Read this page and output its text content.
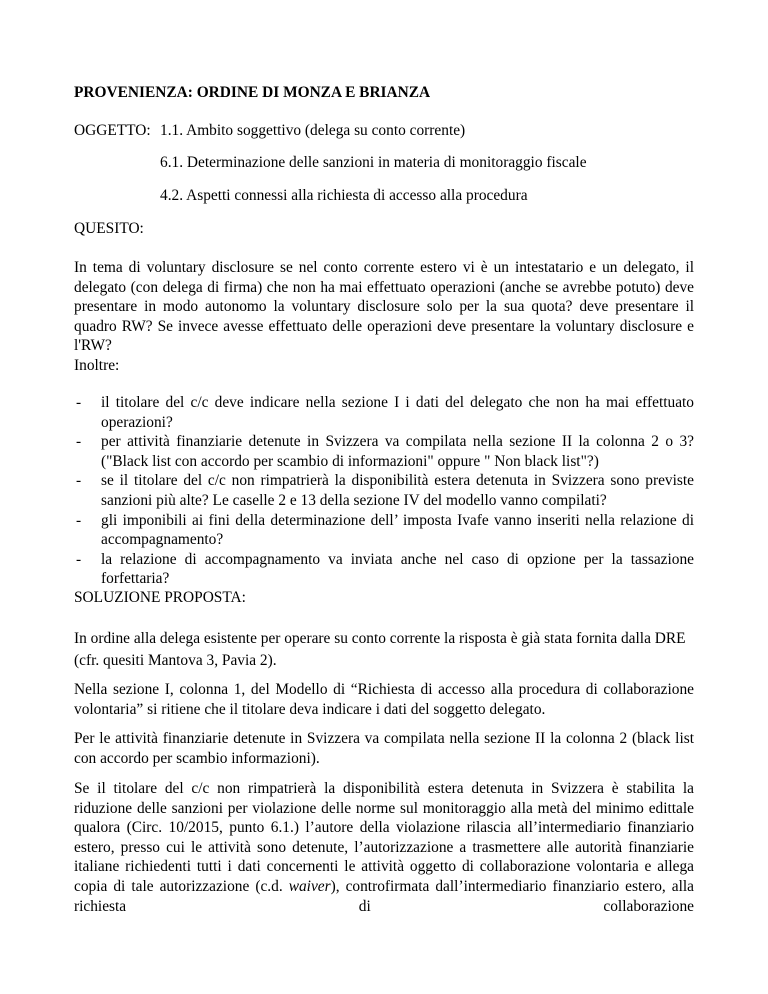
PROVENIENZA: ORDINE DI MONZA E BRIANZA
OGGETTO: 1.1. Ambito soggettivo (delega su conto corrente)
6.1. Determinazione delle sanzioni in materia di monitoraggio fiscale
4.2. Aspetti connessi alla richiesta di accesso alla procedura
QUESITO:
In tema di voluntary disclosure se nel conto corrente estero vi è un intestatario e un delegato, il delegato (con delega di firma) che non ha mai effettuato operazioni (anche se avrebbe potuto) deve presentare in modo autonomo la voluntary disclosure solo per la sua quota? deve presentare il quadro RW? Se invece avesse effettuato delle operazioni deve presentare la voluntary disclosure e l'RW?
Inoltre:
- il titolare del c/c deve indicare nella sezione I i dati del delegato che non ha mai effettuato operazioni?
- per attività finanziarie detenute in Svizzera va compilata nella sezione II la colonna 2 o 3? ("Black list con accordo per scambio di informazioni" oppure " Non black list"?)
- se il titolare del c/c non rimpatrierà la disponibilità estera detenuta in Svizzera sono previste sanzioni più alte? Le caselle 2 e 13 della sezione IV del modello vanno compilati?
- gli imponibili ai fini della determinazione dell’ imposta Ivafe vanno inseriti nella relazione di accompagnamento?
- la relazione di accompagnamento va inviata anche nel caso di opzione per la tassazione forfettaria?
SOLUZIONE PROPOSTA:
In ordine alla delega esistente per operare su conto corrente la risposta è già stata fornita dalla DRE (cfr. quesiti Mantova 3, Pavia 2).
Nella sezione I, colonna 1, del Modello di “Richiesta di accesso alla procedura di collaborazione volontaria” si ritiene che il titolare deva indicare i dati del soggetto delegato.
Per le attività finanziarie detenute in Svizzera va compilata nella sezione II la colonna 2 (black list con accordo per scambio informazioni).
Se il titolare del c/c non rimpatrierà la disponibilità estera detenuta in Svizzera è stabilita la riduzione delle sanzioni per violazione delle norme sul monitoraggio alla metà del minimo edittale qualora (Circ. 10/2015, punto 6.1.) l’autore della violazione rilascia all’intermediario finanziario estero, presso cui le attività sono detenute, l’autorizzazione a trasmettere alle autorità finanziarie italiane richiedenti tutti i dati concernenti le attività oggetto di collaborazione volontaria e allega copia di tale autorizzazione (c.d. waiver), controfirmata dall’intermediario finanziario estero, alla richiesta di collaborazione
